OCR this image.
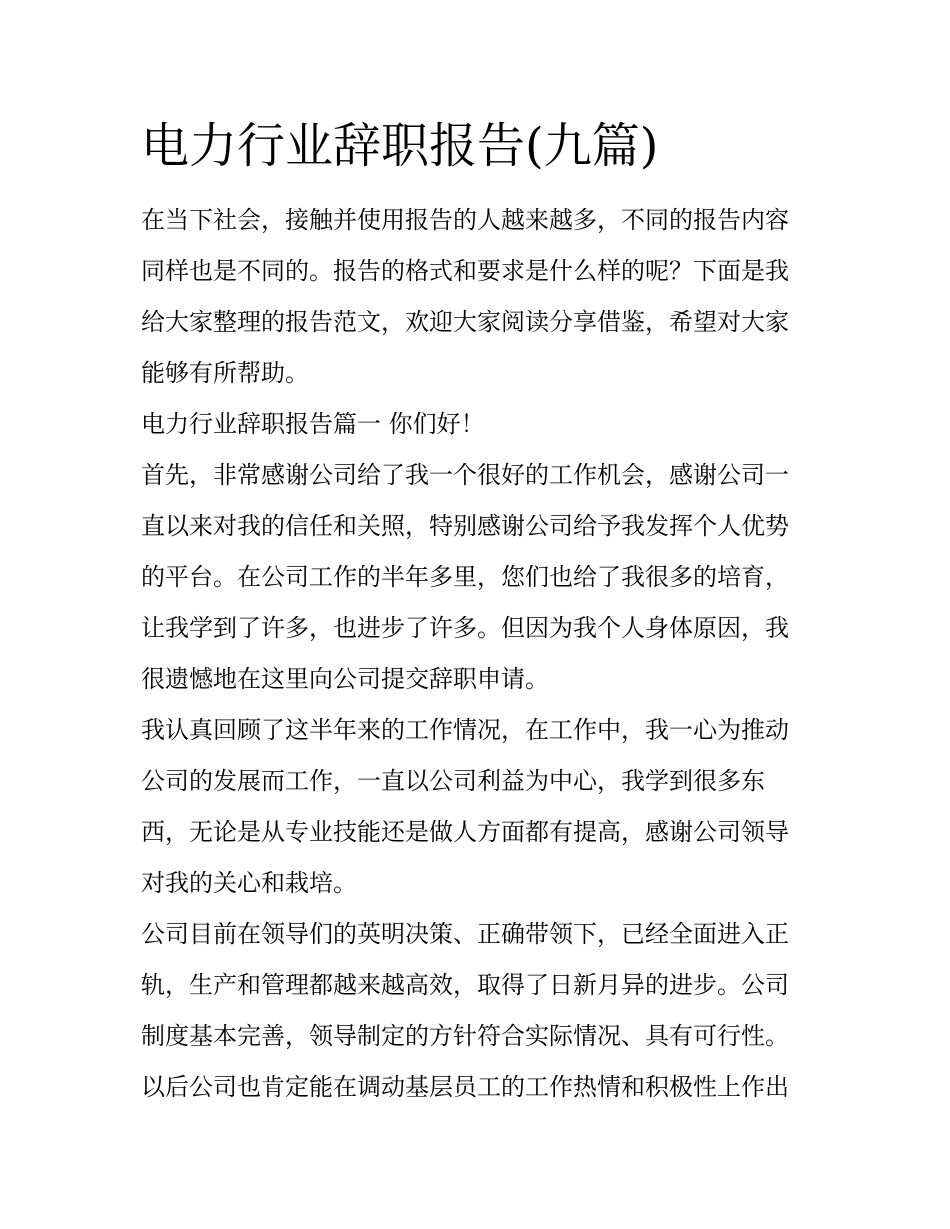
电力行业辞职报告(九篇)

在当下社会，接触并使用报告的人越来越多，不同的报告内容

同样也是不同的。报告的格式和要求是什么样的呢？下面是我

给大家整理的报告范文，欢迎大家阅读分享借鉴，希望对大家

能够有所帮助。

电力行业辞职报告篇一 你们好！

首先，非常感谢公司给了我一个很好的工作机会，感谢公司一

直以来对我的信任和关照，特别感谢公司给予我发挥个人优势

的平台。在公司工作的半年多里，您们也给了我很多的培育，

让我学到了许多，也进步了许多。但因为我个人身体原因，我

很遗憾地在这里向公司提交辞职申请。

我认真回顾了这半年来的工作情况，在工作中，我一心为推动

公司的发展而工作，一直以公司利益为中心，我学到很多东

西，无论是从专业技能还是做人方面都有提高，感谢公司领导

对我的关心和栽培。

公司目前在领导们的英明决策、正确带领下，已经全面进入正

轨，生产和管理都越来越高效，取得了日新月异的进步。公司

制度基本完善，领导制定的方针符合实际情况、具有可行性。

以后公司也肯定能在调动基层员工的工作热情和积极性上作出
